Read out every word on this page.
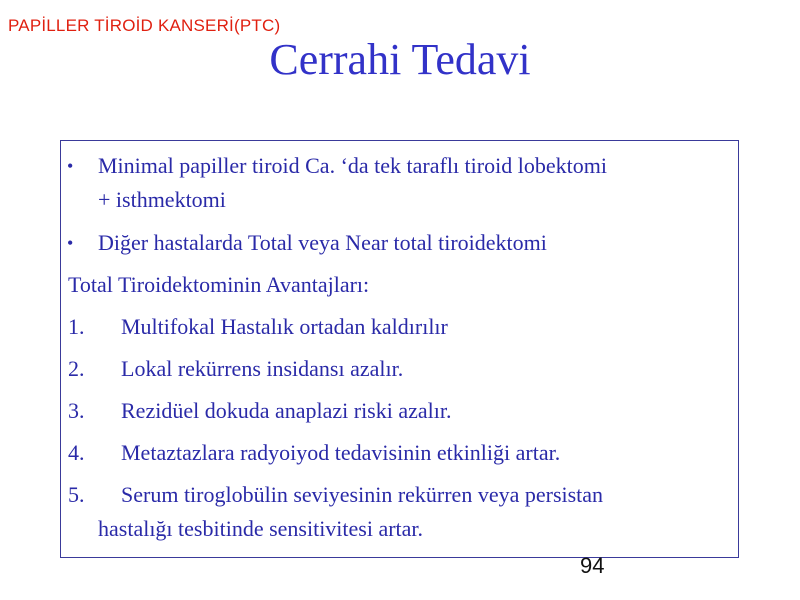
PAPİLLER TİROİD KANSERİ(PTC)
Cerrahi Tedavi
• Minimal papiller tiroid Ca. ‘da tek taraflı tiroid lobektomi
+ isthmektomi
• Diğer hastalarda Total veya Near total tiroidektomi
Total Tiroidektominin Avantajları:
1. Multifokal Hastalık ortadan kaldırılır
2. Lokal rekürrens insidansı azalır.
3. Rezidüel dokuda anaplazi riski azalır.
4. Metaztazlara radyoiyod tedavisinin etkinliği artar.
5. Serum tiroglobülin seviyesinin rekürren veya persistan
hastalığı tesbitinde sensitivitesi artar.
94
